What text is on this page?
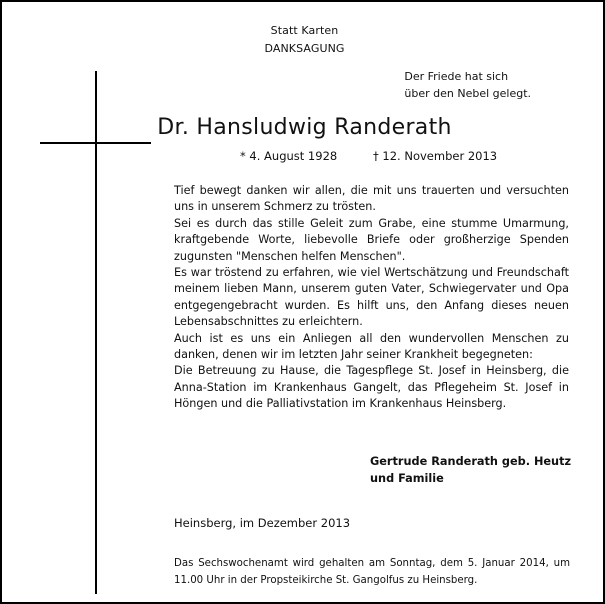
Statt Karten
DANKSAGUNG
Der Friede hat sich
über den Nebel gelegt.
Dr. Hansludwig Randerath
* 4. August 1928	† 12. November 2013

Tief bewegt danken wir allen, die mit uns trauerten und versuchten uns in unserem Schmerz zu trösten.

Sei es durch das stille Geleit zum Grabe, eine stumme Umarmung, kraftgebende Worte, liebevolle Briefe oder großherzige Spenden zugunsten "Menschen helfen Menschen".

Es war tröstend zu erfahren, wie viel Wertschätzung und Freundschaft meinem lieben Mann, unserem guten Vater, Schwiegervater und Opa entgegengebracht wurden. Es hilft uns, den Anfang dieses neuen Lebensabschnittes zu erleichtern.

Auch ist es uns ein Anliegen all den wundervollen Menschen zu danken, denen wir im letzten Jahr seiner Krankheit begegneten:

Die Betreuung zu Hause, die Tagespflege St. Josef in Heinsberg, die Anna-Station im Krankenhaus Gangelt, das Pflegeheim St. Josef in Höngen und die Palliativstation im Krankenhaus Heinsberg.

Gertrude Randerath geb. Heutz
und Familie
Heinsberg, im Dezember 2013

Das Sechswochenamt wird gehalten am Sonntag, dem 5. Januar 2014, um 11.00 Uhr in der Propsteikirche St. Gangolfus zu Heinsberg.
